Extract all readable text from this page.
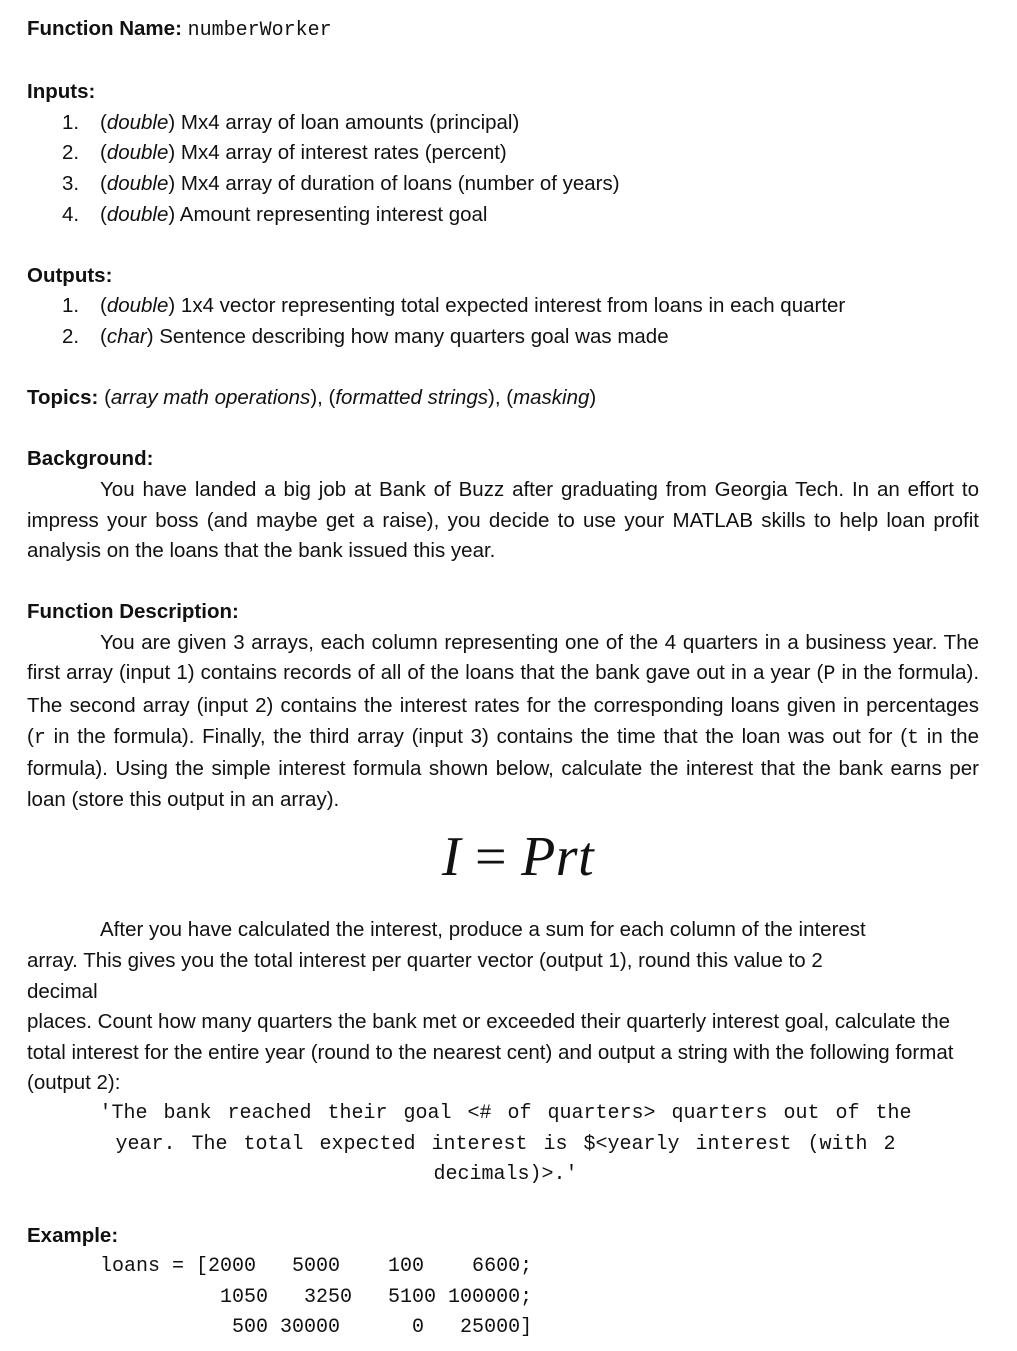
Function Name: numberWorker
Inputs:
1. (double) Mx4 array of loan amounts (principal)
2. (double) Mx4 array of interest rates (percent)
3. (double) Mx4 array of duration of loans (number of years)
4. (double) Amount representing interest goal
Outputs:
1. (double) 1x4 vector representing total expected interest from loans in each quarter
2. (char) Sentence describing how many quarters goal was made
Topics: (array math operations), (formatted strings), (masking)
Background:

You have landed a big job at Bank of Buzz after graduating from Georgia Tech. In an effort to impress your boss (and maybe get a raise), you decide to use your MATLAB skills to help loan profit analysis on the loans that the bank issued this year.

Function Description:

You are given 3 arrays, each column representing one of the 4 quarters in a business year. The first array (input 1) contains records of all of the loans that the bank gave out in a year (P in the formula). The second array (input 2) contains the interest rates for the corresponding loans given in percentages (r in the formula). Finally, the third array (input 3) contains the time that the loan was out for (t in the formula). Using the simple interest formula shown below, calculate the interest that the bank earns per loan (store this output in an array).

I = Prt
After you have calculated the interest, produce a sum for each column of the interest
array. This gives you the total interest per quarter vector (output 1), round this value to 2
decimal

places. Count how many quarters the bank met or exceeded their quarterly interest goal, calculate the total interest for the entire year (round to the nearest cent) and output a string with the following format (output 2):

'The bank reached their goal <# of quarters> quarters out of the
year. The total expected interest is $<yearly interest (with 2
decimals)>.'
Example:
loans = [2000   5000    100    6600;
1050   3250   5100 100000;
500 30000      0   25000]
